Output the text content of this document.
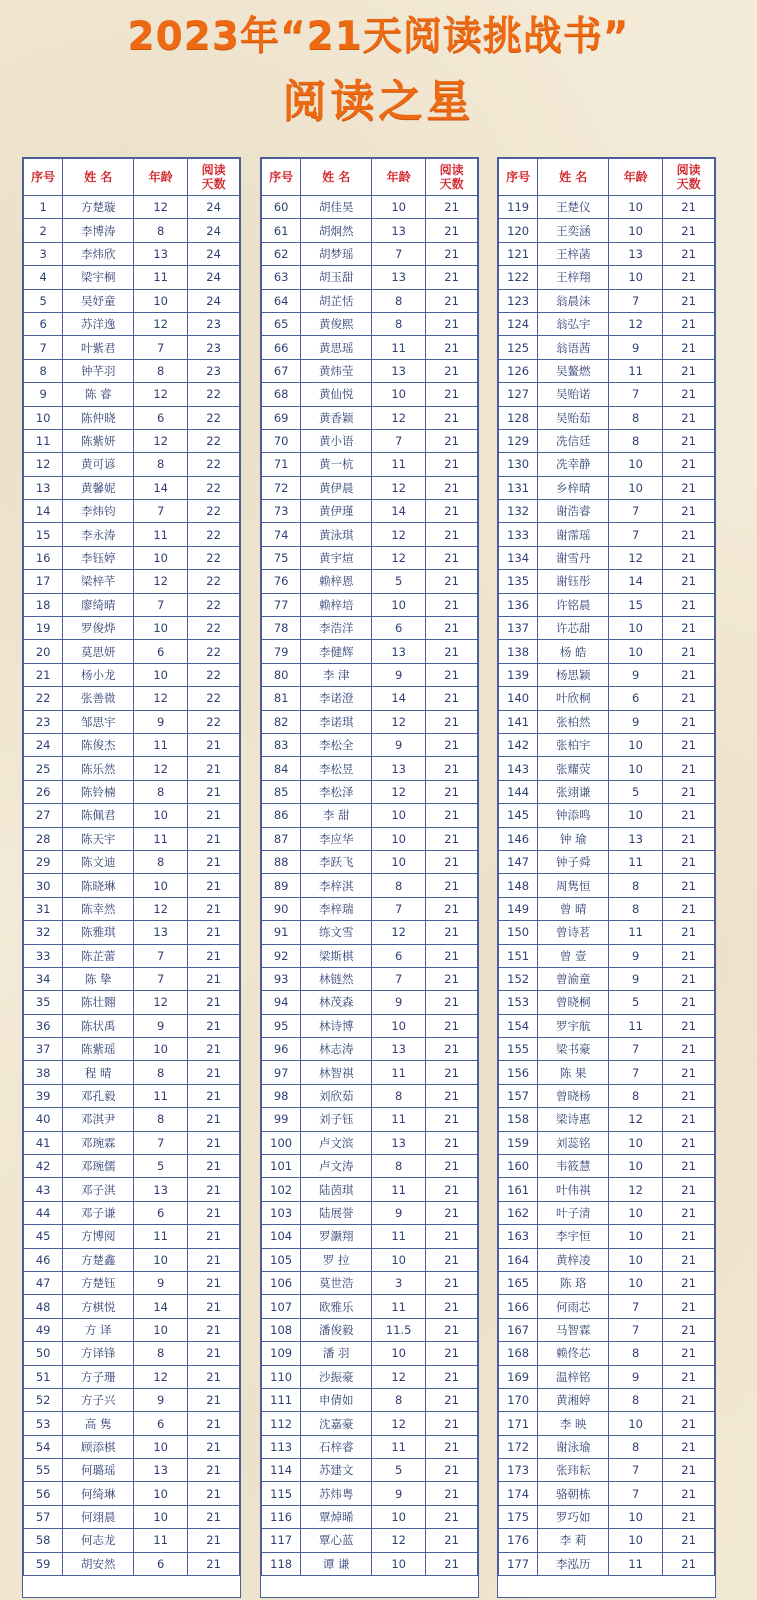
2023年“21天阅读挑战书”
阅读之星
序号	姓 名	年龄	阅读
天数
1	方楚璇	12	24
2	李博涛	8	24
3	李炜欣	13	24
4	梁宇桐	11	24
5	吴妤童	10	24
6	苏洋逸	12	23
7	叶紫君	7	23
8	钟芊羽	8	23
9	陈 睿	12	22
10	陈仲晓	6	22
11	陈紫妍	12	22
12	黄可谚	8	22
13	黄馨妮	14	22
14	李炜钧	7	22
15	李永涛	11	22
16	李钰婷	10	22
17	梁梓芊	12	22
18	廖绮晴	7	22
19	罗俊烨	10	22
20	莫思妍	6	22
21	杨小龙	10	22
22	张善微	12	22
23	邹思宇	9	22
24	陈俊杰	11	21
25	陈乐然	12	21
26	陈铃楠	8	21
27	陈佩君	10	21
28	陈天宇	11	21
29	陈文迪	8	21
30	陈晓琳	10	21
31	陈幸然	12	21
32	陈雅琪	13	21
33	陈芷蕾	7	21
34	陈 挚	7	21
35	陈壮翾	12	21
36	陈状禹	9	21
37	陈紫瑶	10	21
38	程 晴	8	21
39	邓孔毅	11	21
40	邓淇尹	8	21
41	邓琬霖	7	21
42	邓琬儒	5	21
43	邓子淇	13	21
44	邓子谦	6	21
45	方博阅	11	21
46	方楚鑫	10	21
47	方楚钰	9	21
48	方棋悦	14	21
49	方 译	10	21
50	方译锋	8	21
51	方子珊	12	21
52	方子兴	9	21
53	高 隽	6	21
54	顾添棋	10	21
55	何璐瑶	13	21
56	何绮琳	10	21
57	何翊晨	10	21
58	何志龙	11	21
59	胡安然	6	21
序号	姓 名	年龄	阅读
天数
60	胡佳昊	10	21
61	胡炯然	13	21
62	胡梦瑶	7	21
63	胡玉甜	13	21
64	胡芷恬	8	21
65	黄俊熙	8	21
66	黄思瑶	11	21
67	黄炜莹	13	21
68	黄仙悦	10	21
69	黄香颖	12	21
70	黄小语	7	21
71	黄一杭	11	21
72	黄伊晨	12	21
73	黄伊瑾	14	21
74	黄泳琪	12	21
75	黄宇煊	12	21
76	赖梓恩	5	21
77	赖梓培	10	21
78	李浩洋	6	21
79	李健辉	13	21
80	李 津	9	21
81	李诺澄	14	21
82	李诺琪	12	21
83	李松全	9	21
84	李松昱	13	21
85	李松泽	12	21
86	李 甜	10	21
87	李应华	10	21
88	李跃飞	10	21
89	李梓淇	8	21
90	李梓瑞	7	21
91	练文雪	12	21
92	梁斯棋	6	21
93	林链然	7	21
94	林茂森	9	21
95	林诗博	10	21
96	林志涛	13	21
97	林智祺	11	21
98	刘欣茹	8	21
99	刘子钰	11	21
100	卢文滨	13	21
101	卢文涛	8	21
102	陆茵琪	11	21
103	陆展誉	9	21
104	罗灏翔	11	21
105	罗 拉	10	21
106	莫世浩	3	21
107	欧雅乐	11	21
108	潘俊毅	11.5	21
109	潘 羽	10	21
110	沙振豪	12	21
111	申倩如	8	21
112	沈嘉豪	12	21
113	石梓睿	11	21
114	苏建文	5	21
115	苏炜粤	9	21
116	覃焯晞	10	21
117	覃心蓝	12	21
118	谭 谦	10	21
序号	姓 名	年龄	阅读
天数
119	王楚仪	10	21
120	王奕涵	10	21
121	王梓菡	13	21
122	王梓翔	10	21
123	翁晨沫	7	21
124	翁弘宇	12	21
125	翁语茜	9	21
126	吴鳌燃	11	21
127	吴贻诺	7	21
128	吴贻茹	8	21
129	冼信廷	8	21
130	冼幸静	10	21
131	乡梓晴	10	21
132	谢浩睿	7	21
133	谢霈瑶	7	21
134	谢雪丹	12	21
135	谢钰彤	14	21
136	许铭晨	15	21
137	许芯甜	10	21
138	杨 皓	10	21
139	杨思颖	9	21
140	叶欣桐	6	21
141	张柏然	9	21
142	张柏宇	10	21
143	张耀荧	10	21
144	张翊谦	5	21
145	钟添鸣	10	21
146	钟 瑜	13	21
147	钟子舜	11	21
148	周隽恒	8	21
149	曾 晴	8	21
150	曾诗茗	11	21
151	曾 壹	9	21
152	曾渝童	9	21
153	曾晓桐	5	21
154	罗宇航	11	21
155	梁书豪	7	21
156	陈 果	7	21
157	曾晓杨	8	21
158	梁诗惠	12	21
159	刘蕊铭	10	21
160	韦筱慧	10	21
161	叶伟祺	12	21
162	叶子清	10	21
163	李宇恒	10	21
164	黄梓凌	10	21
165	陈 珞	10	21
166	何雨芯	7	21
167	马智霖	7	21
168	赖佟芯	8	21
169	温梓铭	9	21
170	黄湘婷	8	21
171	李 映	10	21
172	谢泳瑜	8	21
173	张玮耘	7	21
174	骆朝栋	7	21
175	罗巧如	10	21
176	李 莉	10	21
177	李泓历	11	21
